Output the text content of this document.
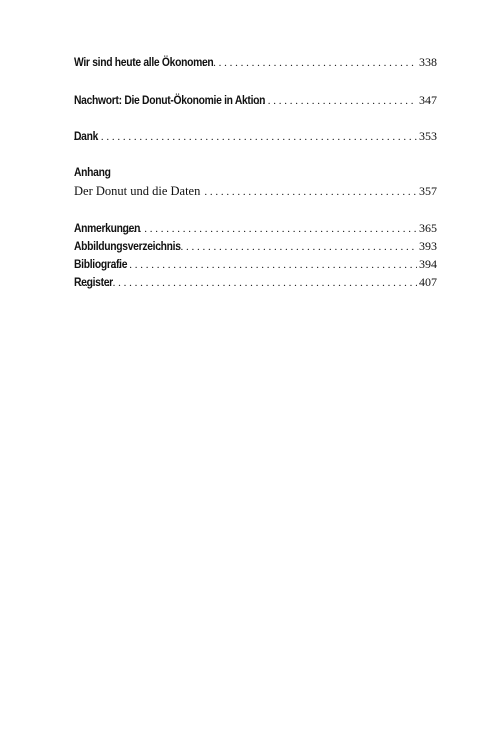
Wir sind heute alle Ökonomen . . .	338
Nachwort: Die Donut-Ökonomie in Aktion . . .	347
Dank . . .	353
Anhang
Der Donut und die Daten . . .	357
Anmerkungen . . .	365
Abbildungsverzeichnis . . .	393
Bibliografie . . .	394
Register . . .	407
